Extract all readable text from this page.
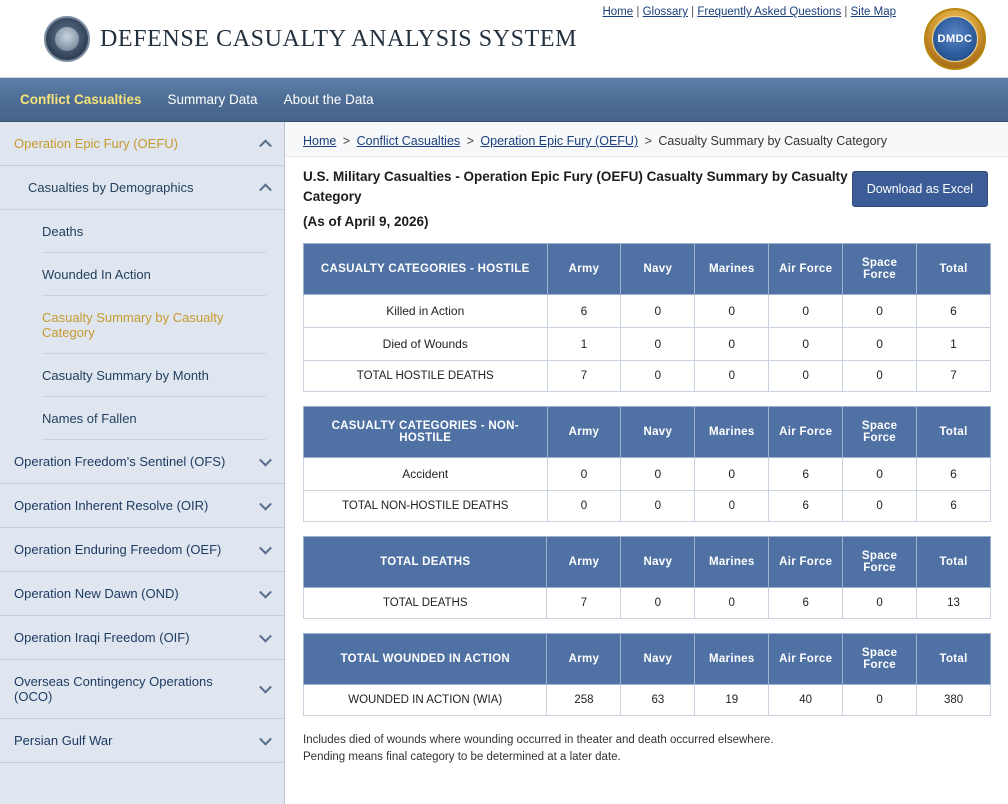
DEFENSE CASUALTY ANALYSIS SYSTEM
Home | Glossary | Frequently Asked Questions | Site Map
DMDC
Conflict Casualties Summary Data About the Data
Operation Epic Fury (OEFU)
Casualties by Demographics
Deaths
Wounded In Action
Casualty Summary by Casualty Category
Casualty Summary by Month
Names of Fallen
Operation Freedom's Sentinel (OFS)
Operation Inherent Resolve (OIR)
Operation Enduring Freedom (OEF)
Operation New Dawn (OND)
Operation Iraqi Freedom (OIF)
Overseas Contingency Operations (OCO)
Persian Gulf War
Home > Conflict Casualties > Operation Epic Fury (OEFU) > Casualty Summary by Casualty Category
U.S. Military Casualties - Operation Epic Fury (OEFU) Casualty Summary by Casualty Category
(As of April 9, 2026)
Download as Excel
CASUALTY CATEGORIES - HOSTILE	Army	Navy	Marines	Air Force	Space Force	Total
Killed in Action	6	0	0	0	0	6
Died of Wounds	1	0	0	0	0	1
TOTAL HOSTILE DEATHS	7	0	0	0	0	7
CASUALTY CATEGORIES - NON-HOSTILE	Army	Navy	Marines	Air Force	Space Force	Total
Accident	0	0	0	6	0	6
TOTAL NON-HOSTILE DEATHS	0	0	0	6	0	6
TOTAL DEATHS	Army	Navy	Marines	Air Force	Space Force	Total
TOTAL DEATHS	7	0	0	6	0	13
TOTAL WOUNDED IN ACTION	Army	Navy	Marines	Air Force	Space Force	Total
WOUNDED IN ACTION (WIA)	258	63	19	40	0	380
Includes died of wounds where wounding occurred in theater and death occurred elsewhere.
Pending means final category to be determined at a later date.
